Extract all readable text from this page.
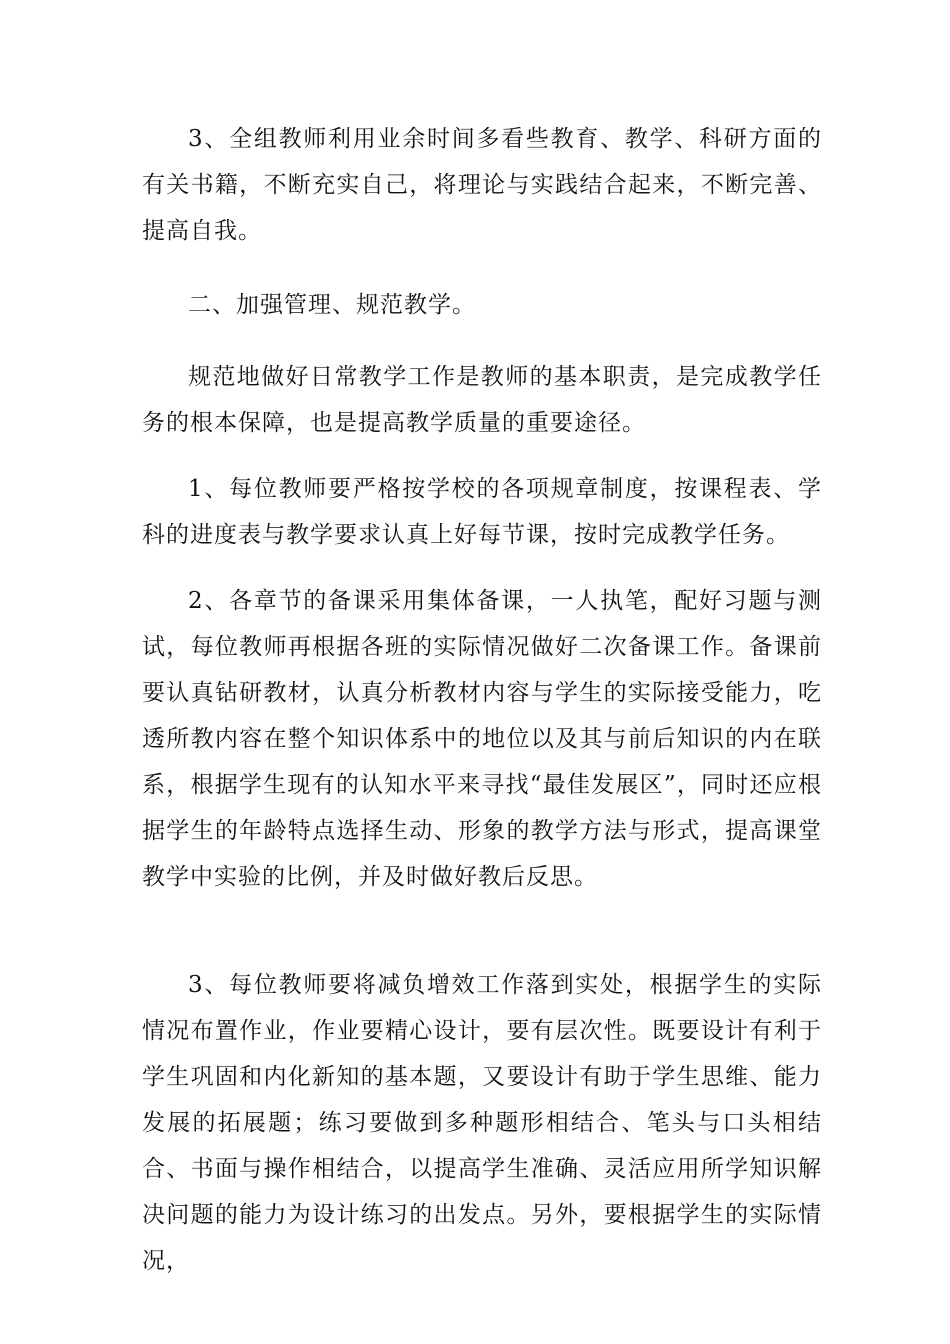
3、全组教师利用业余时间多看些教育、教学、科研方面的有关书籍，不断充实自己，将理论与实践结合起来，不断完善、提高自我。

二、加强管理、规范教学。

规范地做好日常教学工作是教师的基本职责，是完成教学任务的根本保障，也是提高教学质量的重要途径。

1、每位教师要严格按学校的各项规章制度，按课程表、学科的进度表与教学要求认真上好每节课，按时完成教学任务。

2、各章节的备课采用集体备课，一人执笔，配好习题与测试，每位教师再根据各班的实际情况做好二次备课工作。备课前要认真钻研教材，认真分析教材内容与学生的实际接受能力，吃透所教内容在整个知识体系中的地位以及其与前后知识的内在联系，根据学生现有的认知水平来寻找“最佳发展区”，同时还应根据学生的年龄特点选择生动、形象的教学方法与形式，提高课堂教学中实验的比例，并及时做好教后反思。

3、每位教师要将减负增效工作落到实处，根据学生的实际情况布置作业，作业要精心设计，要有层次性。既要设计有利于学生巩固和内化新知的基本题，又要设计有助于学生思维、能力发展的拓展题；练习要做到多种题形相结合、笔头与口头相结合、书面与操作相结合，以提高学生准确、灵活应用所学知识解决问题的能力为设计练习的出发点。另外，要根据学生的实际情况，
